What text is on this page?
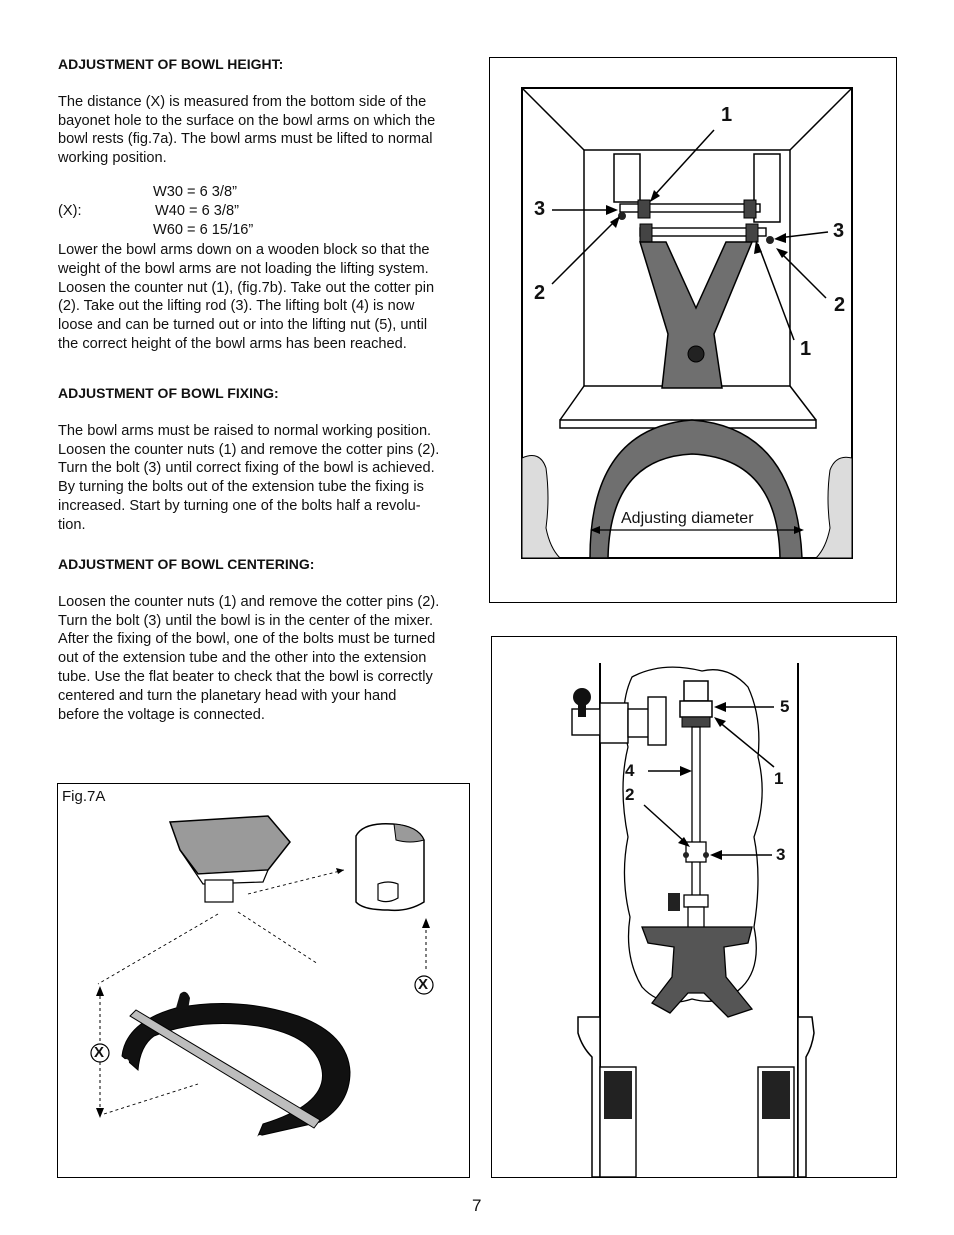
ADJUSTMENT OF BOWL HEIGHT:

The distance (X) is measured from the bottom side of the
bayonet hole to the surface on the bowl arms on which the
bowl rests (fig.7a). The bowl arms must be lifted to normal
working position.

W30 = 6 3/8”
(X):	W40 = 6 3/8”
W60 = 6 15/16”

Lower the bowl arms down on a wooden block so that the
weight of the bowl arms are not loading the lifting system.
Loosen the counter nut (1), (fig.7b). Take out the cotter pin
(2). Take out the lifting rod (3). The lifting bolt (4) is now
loose and can be turned out or into the lifting nut (5), until
the correct height of the bowl arms has been reached.

ADJUSTMENT OF BOWL FIXING:

The bowl arms must be raised to normal working position.
Loosen the counter nuts (1) and remove the cotter pins (2).
Turn the bolt (3) until correct fixing of the bowl is achieved.
By turning the bolts out of the extension tube the fixing is
increased. Start by turning one of the bolts half a revolu-
tion.

ADJUSTMENT OF BOWL CENTERING:

Loosen the counter nuts (1) and remove the cotter pins (2).
Turn the bolt (3) until the bowl is in the center of the mixer.
After the fixing of the bowl, one of the bolts must be turned
out of the extension tube and the other into the extension
tube. Use the flat beater to check that the bowl is correctly
centered and turn the planetary head with your hand
before the voltage is connected.

Fig.7A
X
X
1
3
2
3
2
1
Adjusting diameter
5
4
2
1
3
7
